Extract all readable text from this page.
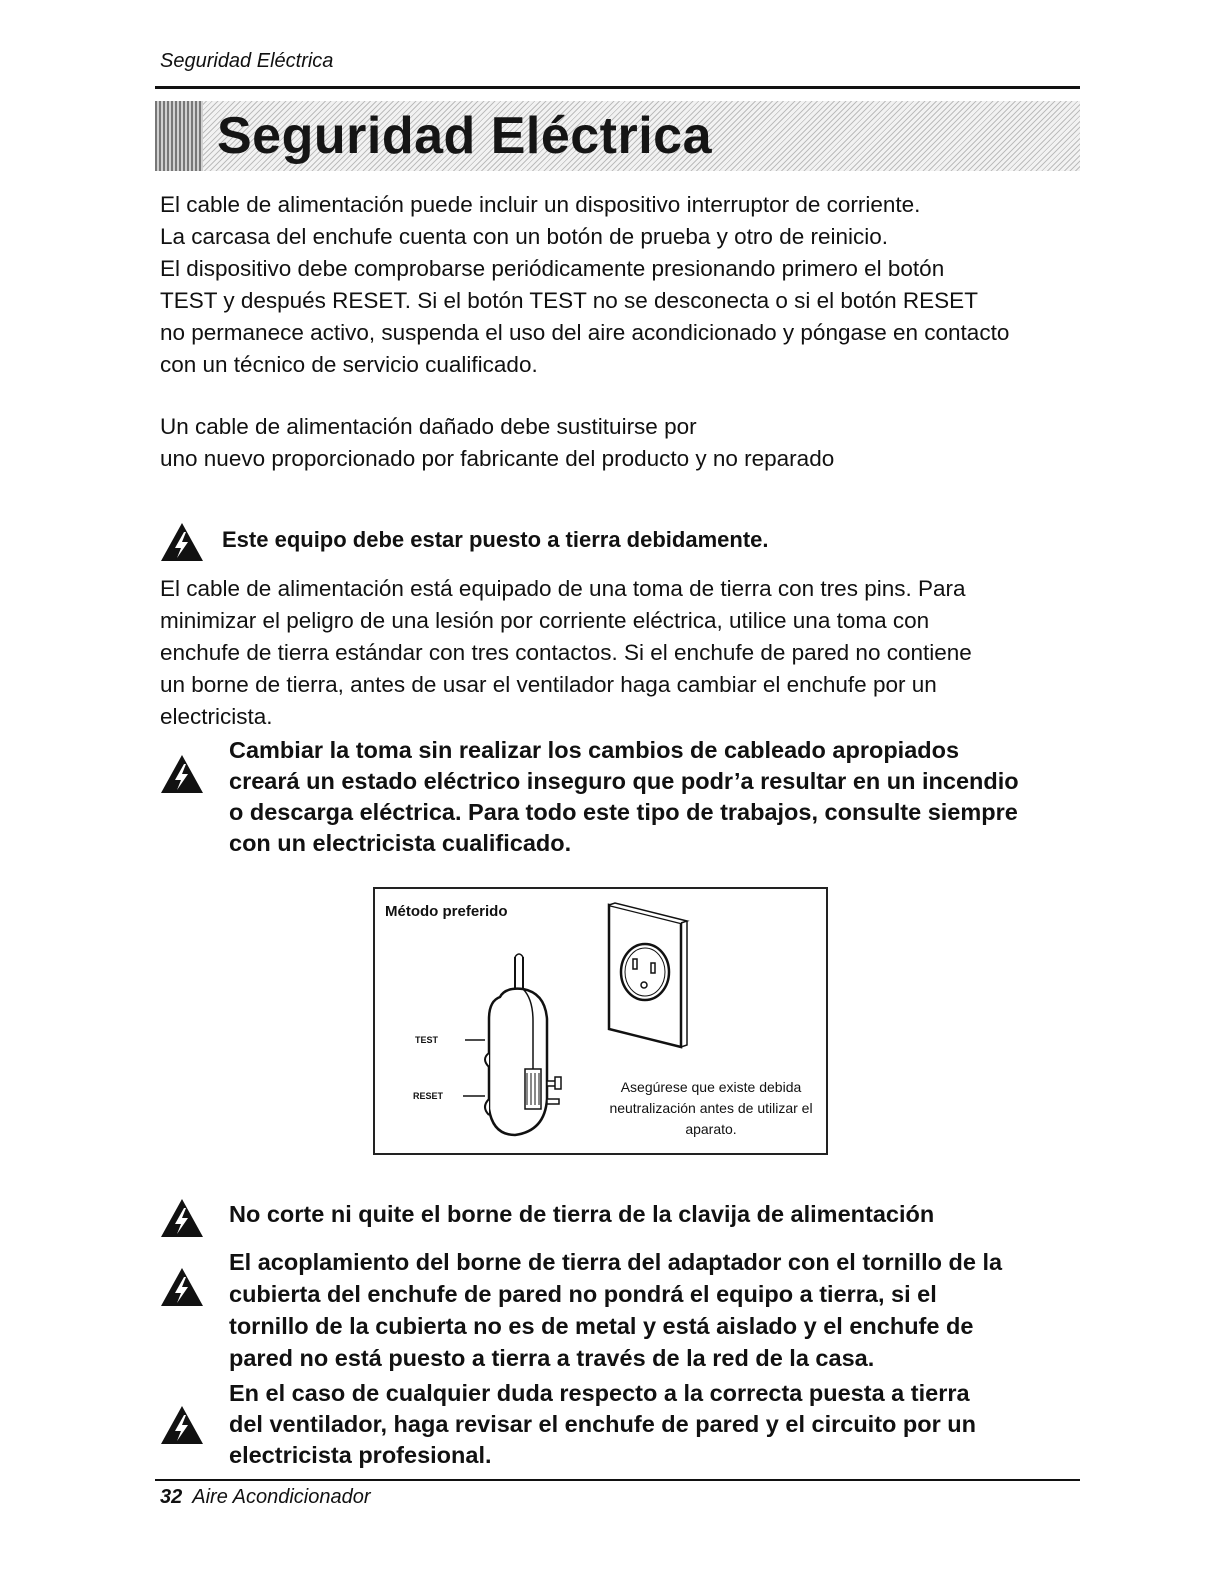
Seguridad Eléctrica
Seguridad Eléctrica
El cable de alimentación puede incluir un dispositivo interruptor de corriente.
La carcasa del enchufe cuenta con un botón de prueba y otro de reinicio.
El dispositivo debe comprobarse periódicamente presionando primero el botón
TEST y después RESET. Si el botón TEST no se desconecta o si el botón RESET
no permanece activo, suspenda el uso del aire acondicionado y póngase en contacto
con un técnico de servicio cualificado.
Un cable de alimentación dañado debe sustituirse por
uno nuevo proporcionado por fabricante del producto y no reparado
Este equipo debe estar puesto a tierra debidamente.
El cable de alimentación está equipado de una toma de tierra con tres pins. Para
minimizar el peligro de una lesión por corriente eléctrica, utilice una toma con
enchufe de tierra estándar con tres contactos. Si el enchufe de pared no contiene
un borne de tierra, antes de usar el ventilador haga cambiar el enchufe por un
electricista.
Cambiar la toma sin realizar los cambios de cableado apropiados
creará un estado eléctrico inseguro que podr’a resultar en un incendio
o descarga eléctrica. Para todo este tipo de trabajos, consulte siempre
con un electricista cualificado.
Método preferido
TEST
RESET
Asegúrese que existe debida
neutralización antes de utilizar el
aparato.
No corte ni quite el borne de tierra de la clavija de alimentación
El acoplamiento del borne de tierra del adaptador con el tornillo de la
cubierta del enchufe de pared no pondrá el equipo a tierra, si el
tornillo de la cubierta no es de metal y está aislado y el enchufe de
pared no está puesto a tierra a través de la red de la casa.
En el caso de cualquier duda respecto a la correcta puesta a tierra
del ventilador, haga revisar el enchufe de pared y el circuito por un
electricista profesional.
32 Aire Acondicionador
